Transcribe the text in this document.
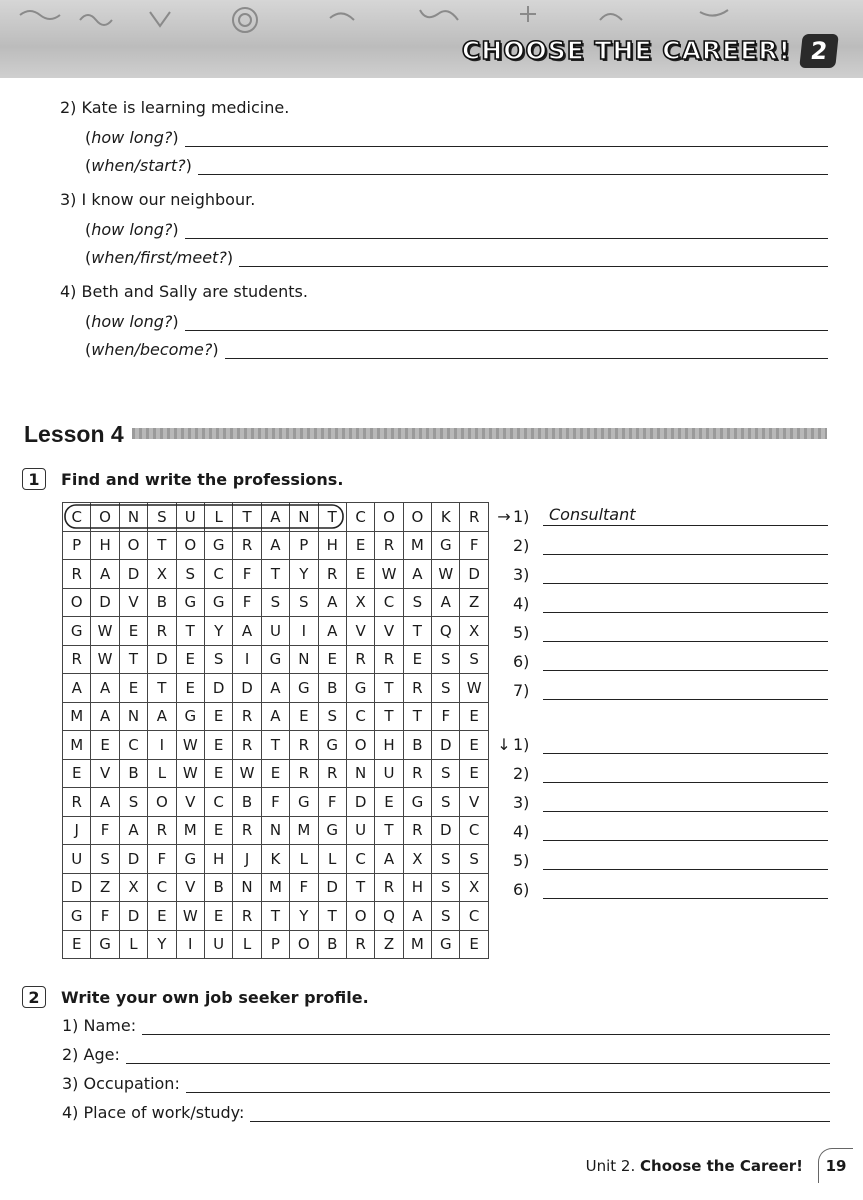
CHOOSE THE CAREER! 2
2) Kate is learning medicine.
(how long?)
(when/start?)
3) I know our neighbour.
(how long?)
(when/first/meet?)
4) Beth and Sally are students.
(how long?)
(when/become?)
Lesson 4
1	Find and write the professions.
C	O	N	S	U	L	T	A	N	T	C	O	O	K	R
P	H	O	T	O	G	R	A	P	H	E	R	M	G	F
R	A	D	X	S	C	F	T	Y	R	E	W	A	W	D
O	D	V	B	G	G	F	S	S	A	X	C	S	A	Z
G	W	E	R	T	Y	A	U	I	A	V	V	T	Q	X
R	W	T	D	E	S	I	G	N	E	R	R	E	S	S
A	A	E	T	E	D	D	A	G	B	G	T	R	S	W
M	A	N	A	G	E	R	A	E	S	C	T	T	F	E
M	E	C	I	W	E	R	T	R	G	O	H	B	D	E
E	V	B	L	W	E	W	E	R	R	N	U	R	S	E
R	A	S	O	V	C	B	F	G	F	D	E	G	S	V
J	F	A	R	M	E	R	N	M	G	U	T	R	D	C
U	S	D	F	G	H	J	K	L	L	C	A	X	S	S
D	Z	X	C	V	B	N	M	F	D	T	R	H	S	X
G	F	D	E	W	E	R	T	Y	T	O	Q	A	S	C
E	G	L	Y	I	U	L	P	O	B	R	Z	M	G	E
→ 1)	Consultant
2)
3)
4)
5)
6)
7)
↓ 1)
2)
3)
4)
5)
6)
2	Write your own job seeker profile.
1) Name:
2) Age:
3) Occupation:
4) Place of work/study:
Unit 2. Choose the Career!	19
